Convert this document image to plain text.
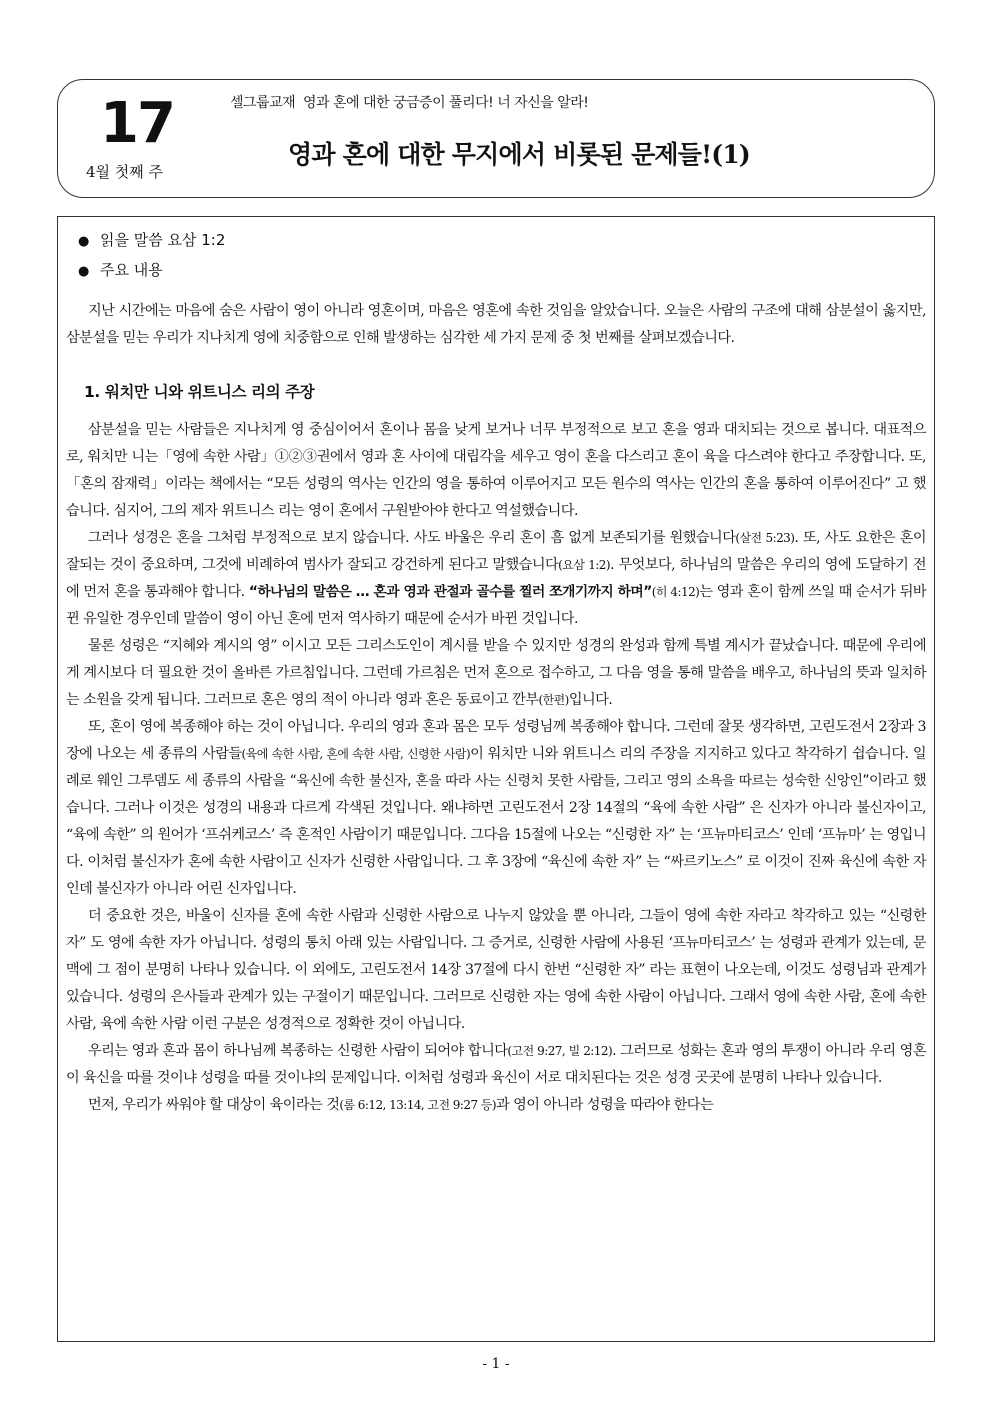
17
4월 첫째 주
셀그룹교재  영과 혼에 대한 궁금증이 풀리다! 너 자신을 알라!
영과 혼에 대한 무지에서 비롯된 문제들!(1)
● 읽을 말씀 요삼 1:2
● 주요 내용

지난 시간에는 마음에 숨은 사람이 영이 아니라 영혼이며, 마음은 영혼에 속한 것임을 알았습니다. 오늘은 사람의 구조에 대해 삼분설이 옳지만, 삼분설을 믿는 우리가 지나치게 영에 치중함으로 인해 발생하는 심각한 세 가지 문제 중 첫 번째를 살펴보겠습니다.

1. 워치만 니와 위트니스 리의 주장

삼분설을 믿는 사람들은 지나치게 영 중심이어서 혼이나 몸을 낮게 보거나 너무 부정적으로 보고 혼을 영과 대치되는 것으로 봅니다. 대표적으로, 워치만 니는「영에 속한 사람」①②③권에서 영과 혼 사이에 대립각을 세우고 영이 혼을 다스리고 혼이 육을 다스려야 한다고 주장합니다. 또,「혼의 잠재력」이라는 책에서는 “모든 성령의 역사는 인간의 영을 통하여 이루어지고 모든 원수의 역사는 인간의 혼을 통하여 이루어진다” 고 했습니다. 심지어, 그의 제자 위트니스 리는 영이 혼에서 구원받아야 한다고 역설했습니다.

그러나 성경은 혼을 그처럼 부정적으로 보지 않습니다. 사도 바울은 우리 혼이 흠 없게 보존되기를 원했습니다(살전 5:23). 또, 사도 요한은 혼이 잘되는 것이 중요하며, 그것에 비례하여 범사가 잘되고 강건하게 된다고 말했습니다(요삼 1:2). 무엇보다, 하나님의 말씀은 우리의 영에 도달하기 전에 먼저 혼을 통과해야 합니다. “하나님의 말씀은 … 혼과 영과 관절과 골수를 찔러 쪼개기까지 하며”(히 4:12)는 영과 혼이 함께 쓰일 때 순서가 뒤바뀐 유일한 경우인데 말씀이 영이 아닌 혼에 먼저 역사하기 때문에 순서가 바뀐 것입니다.

물론 성령은 “지혜와 계시의 영” 이시고 모든 그리스도인이 계시를 받을 수 있지만 성경의 완성과 함께 특별 계시가 끝났습니다. 때문에 우리에게 계시보다 더 필요한 것이 올바른 가르침입니다. 그런데 가르침은 먼저 혼으로 접수하고, 그 다음 영을 통해 말씀을 배우고, 하나님의 뜻과 일치하는 소원을 갖게 됩니다. 그러므로 혼은 영의 적이 아니라 영과 혼은 동료이고 깐부(한편)입니다.

또, 혼이 영에 복종해야 하는 것이 아닙니다. 우리의 영과 혼과 몸은 모두 성령님께 복종해야 합니다. 그런데 잘못 생각하면, 고린도전서 2장과 3장에 나오는 세 종류의 사람들(육에 속한 사람, 혼에 속한 사람, 신령한 사람)이 워치만 니와 위트니스 리의 주장을 지지하고 있다고 착각하기 쉽습니다. 일례로 웨인 그루뎀도 세 종류의 사람을 “육신에 속한 불신자, 혼을 따라 사는 신령치 못한 사람들, 그리고 영의 소욕을 따르는 성숙한 신앙인”이라고 했습니다. 그러나 이것은 성경의 내용과 다르게 각색된 것입니다. 왜냐하면 고린도전서 2장 14절의 “육에 속한 사람” 은 신자가 아니라 불신자이고, “육에 속한” 의 원어가 ‘프쉬케코스’ 즉 혼적인 사람이기 때문입니다. 그다음 15절에 나오는 “신령한 자” 는 ‘프뉴마티코스’ 인데 ‘프뉴마’ 는 영입니다. 이처럼 불신자가 혼에 속한 사람이고 신자가 신령한 사람입니다. 그 후 3장에 “육신에 속한 자” 는 “싸르키노스” 로 이것이 진짜 육신에 속한 자인데 불신자가 아니라 어린 신자입니다.

더 중요한 것은, 바울이 신자를 혼에 속한 사람과 신령한 사람으로 나누지 않았을 뿐 아니라, 그들이 영에 속한 자라고 착각하고 있는 “신령한 자” 도 영에 속한 자가 아닙니다. 성령의 통치 아래 있는 사람입니다. 그 증거로, 신령한 사람에 사용된 ‘프뉴마티코스’ 는 성령과 관계가 있는데, 문맥에 그 점이 분명히 나타나 있습니다. 이 외에도, 고린도전서 14장 37절에 다시 한번 “신령한 자” 라는 표현이 나오는데, 이것도 성령님과 관계가 있습니다. 성령의 은사들과 관계가 있는 구절이기 때문입니다. 그러므로 신령한 자는 영에 속한 사람이 아닙니다. 그래서 영에 속한 사람, 혼에 속한 사람, 육에 속한 사람 이런 구분은 성경적으로 정확한 것이 아닙니다.

우리는 영과 혼과 몸이 하나님께 복종하는 신령한 사람이 되어야 합니다(고전 9:27, 빌 2:12). 그러므로 성화는 혼과 영의 투쟁이 아니라 우리 영혼이 육신을 따를 것이냐 성령을 따를 것이냐의 문제입니다. 이처럼 성령과 육신이 서로 대치된다는 것은 성경 곳곳에 분명히 나타나 있습니다.

먼저, 우리가 싸워야 할 대상이 육이라는 것(롬 6:12, 13:14, 고전 9:27 등)과 영이 아니라 성령을 따라야 한다는

- 1 -
